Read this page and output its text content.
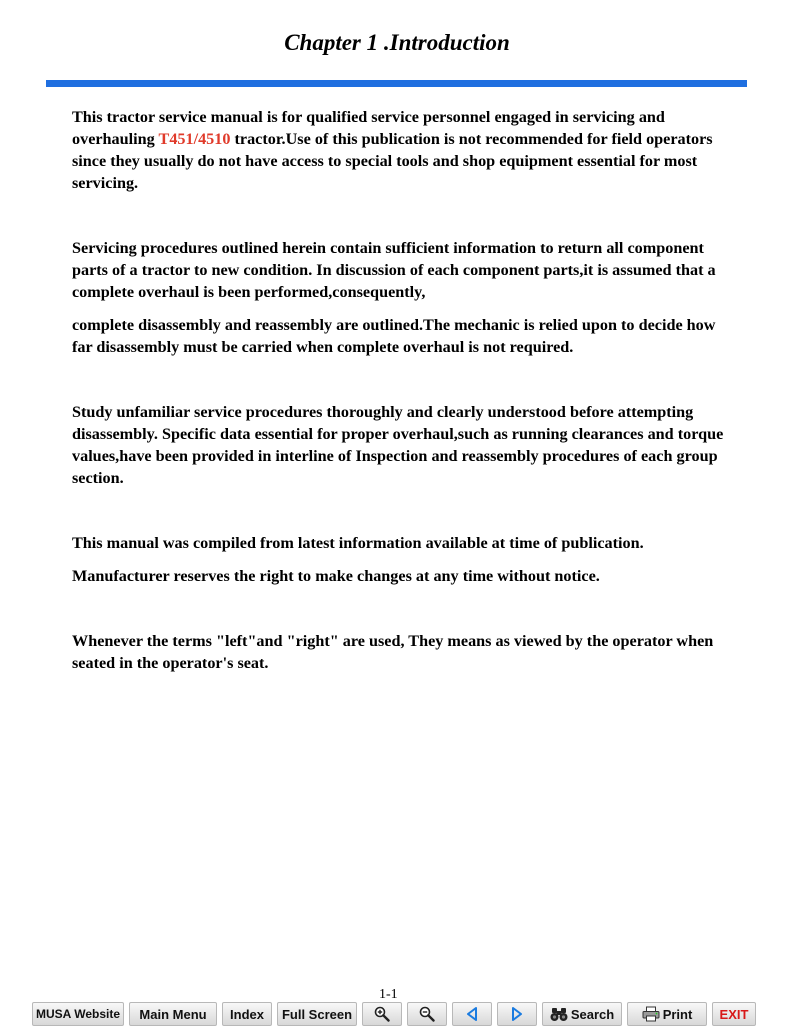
Chapter 1 .Introduction

This tractor service manual is for qualified service personnel engaged in servicing and overhauling T451/4510 tractor.Use of this publication is not recommended for field operators since they usually do not have access to special tools and shop equipment essential for most servicing.

Servicing procedures outlined herein contain sufficient information to return all component parts of a tractor to new condition. In discussion of each component parts,it is assumed that a complete overhaul is been performed,consequently,

complete disassembly and reassembly are outlined.The mechanic is relied upon to decide how far disassembly must be carried when complete overhaul is not required.

Study unfamiliar service procedures thoroughly and clearly understood before attempting disassembly. Specific data essential for proper overhaul,such as running clearances and torque values,have been provided in interline of Inspection and reassembly procedures of each group section.

This manual was compiled from latest information available at time of publication.

Manufacturer reserves the right to make changes at any time without notice.

Whenever the terms "left"and "right" are used, They means as viewed by the operator when seated in the operator's seat.

1-1
MUSA Website Main Menu Index Full Screen	Search	Print EXIT
